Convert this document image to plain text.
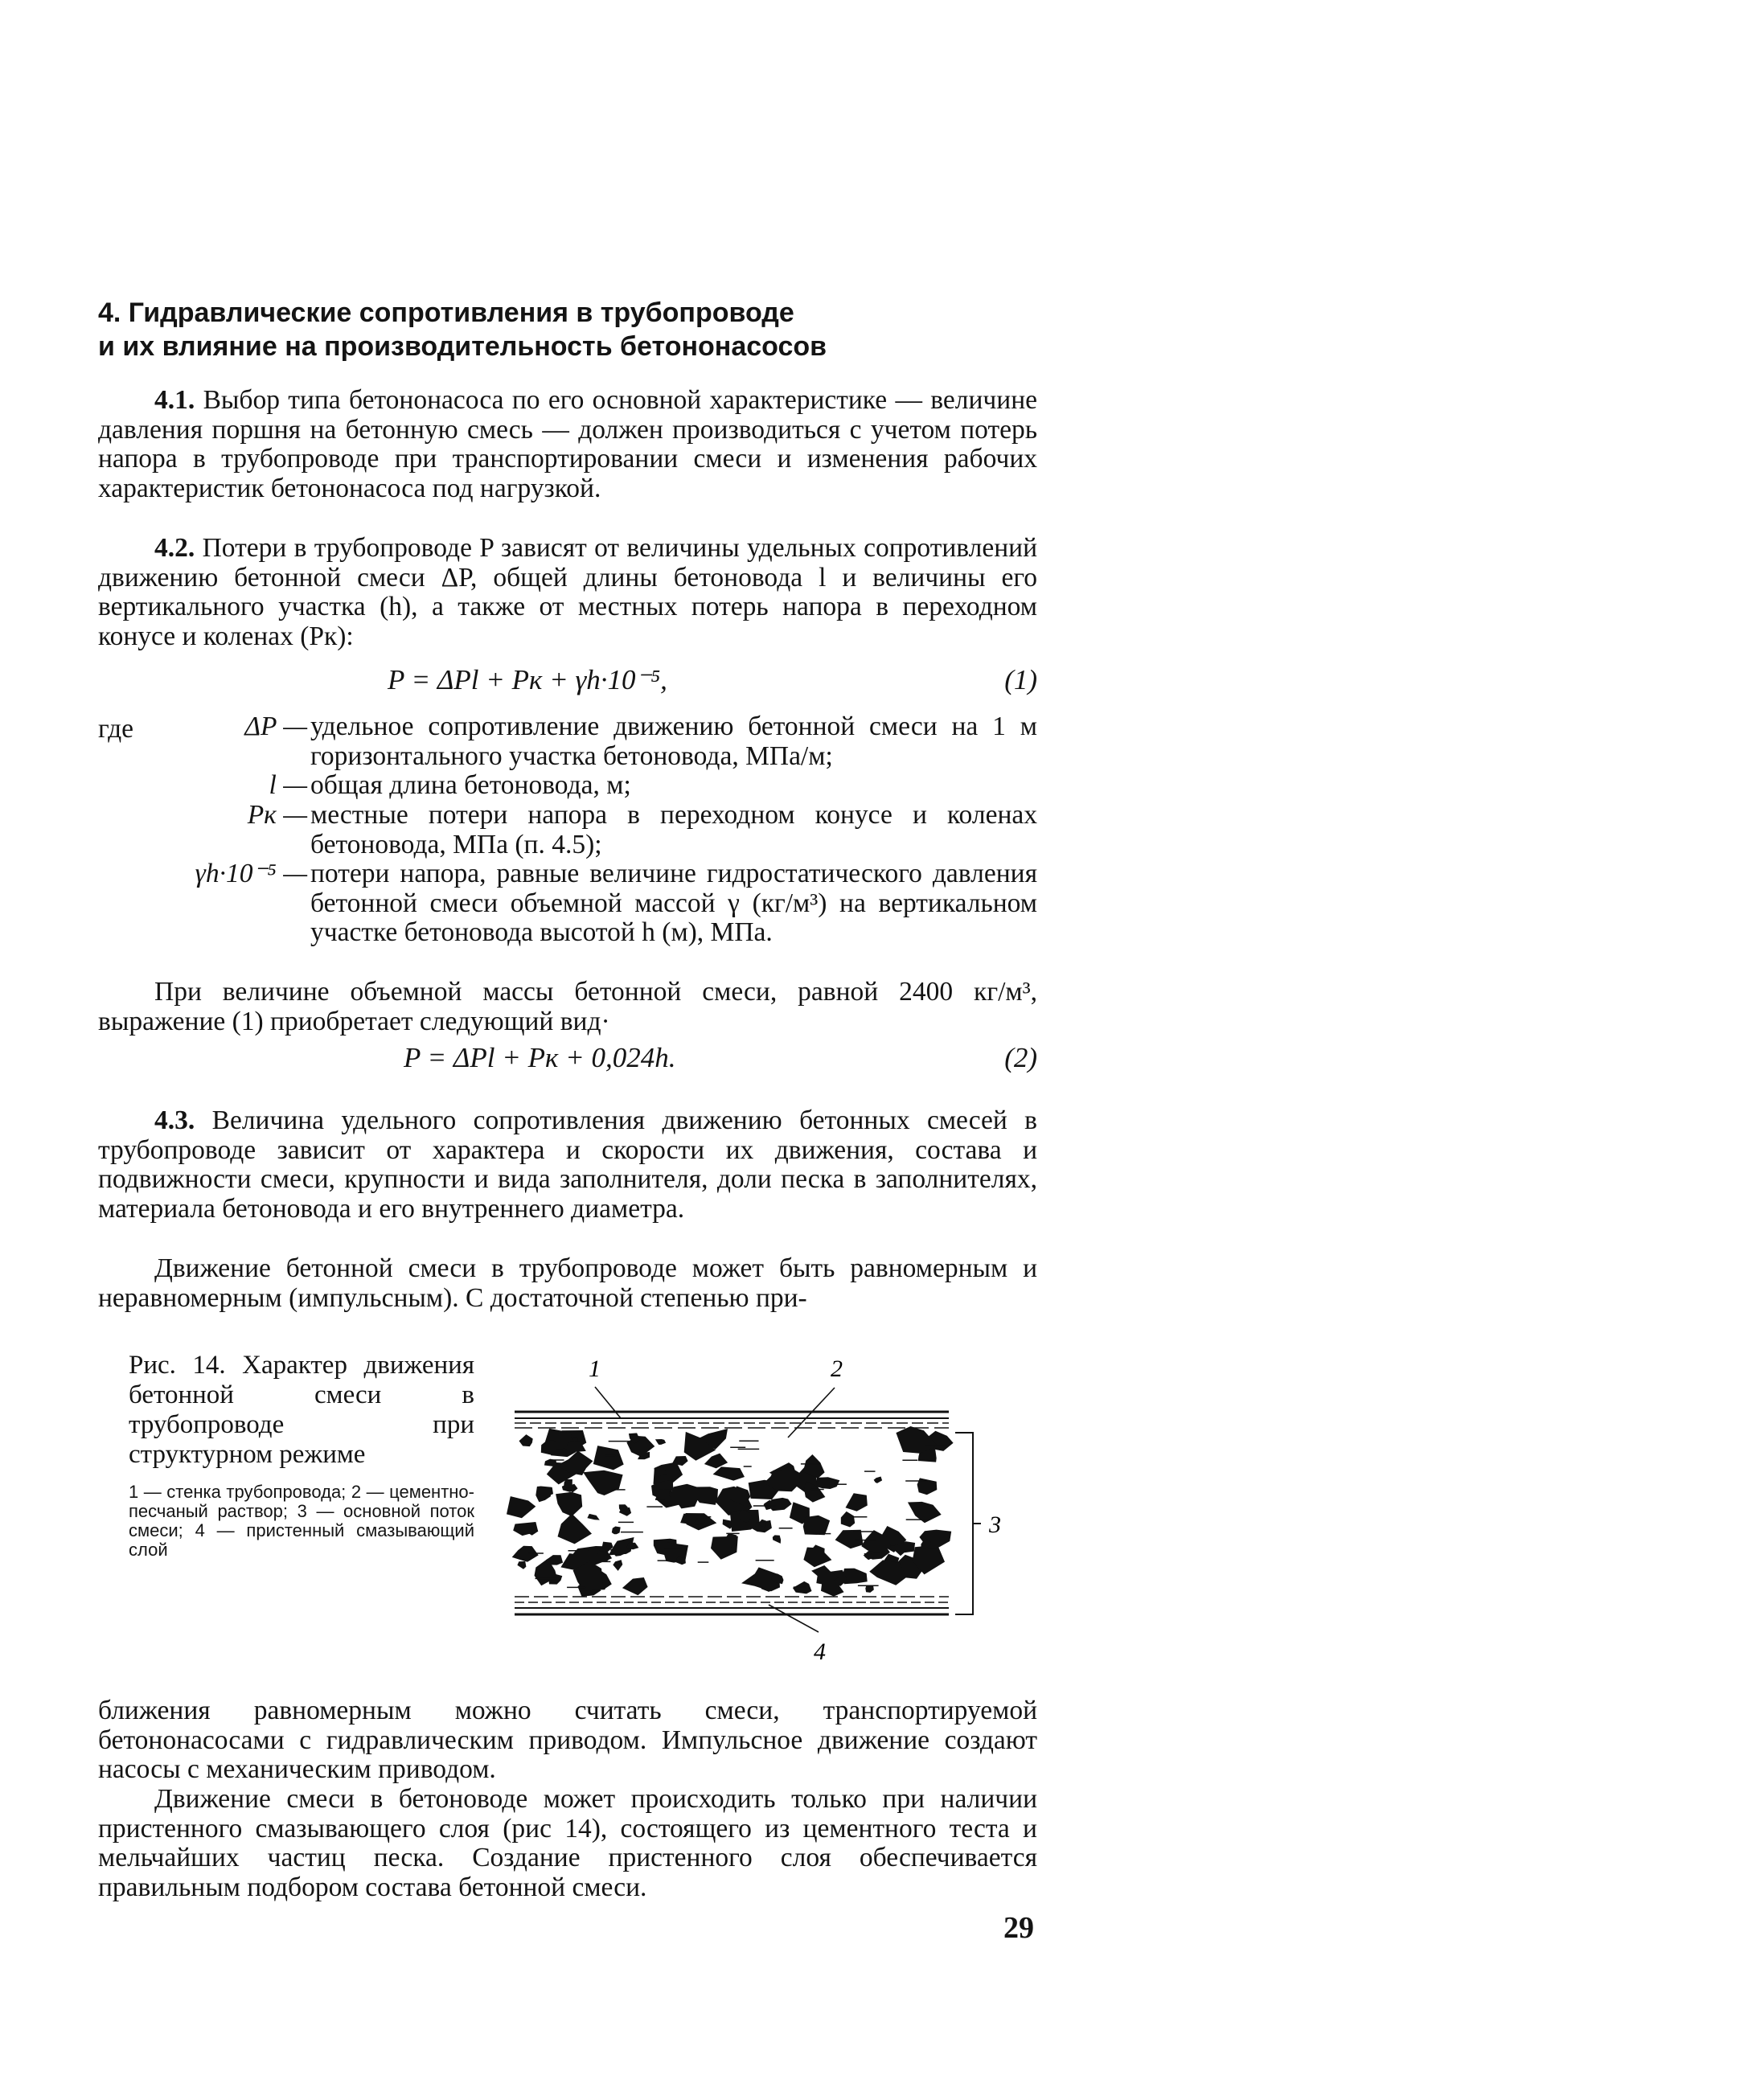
4. Гидравлические сопротивления в трубопроводе
и их влияние на производительность бетононасосов
4.1. Выбор типа бетононасоса по его основной характеристике — величине давления поршня на бетонную смесь — должен производиться с учетом потерь напора в трубопроводе при транспортировании смеси и изменения рабочих характеристик бетононасоса под нагрузкой.
4.2. Потери в трубопроводе P зависят от величины удельных сопротивлений движению бетонной смеси ΔP, общей длины бетоновода l и величины его вертикального участка (h), а также от местных потерь напора в переходном конусе и коленах (Pк):
P = ΔPl + Pк + γh·10⁻⁵,	(1)
где	ΔP — удельное сопротивление движению бетонной смеси на 1 м горизонтального участка бетоновода, МПа/м;
l — общая длина бетоновода, м;
Pк — местные потери напора в переходном конусе и коленах бетоновода, МПа (п. 4.5);
γh·10⁻⁵ — потери напора, равные величине гидростатического давления бетонной смеси объемной массой γ (кг/м³) на вертикальном участке бетоновода высотой h (м), МПа.
При величине объемной массы бетонной смеси, равной 2400 кг/м³, выражение (1) приобретает следующий вид·
P = ΔPl + Pк + 0,024h.	(2)
4.3. Величина удельного сопротивления движению бетонных смесей в трубопроводе зависит от характера и скорости их движения, состава и подвижности смеси, крупности и вида заполнителя, доли песка в заполнителях, материала бетоновода и его внутреннего диаметра.
Движение бетонной смеси в трубопроводе может быть равномерным и неравномерным (импульсным). С достаточной степенью при-
Рис. 14. Характер движения бетонной смеси в трубопроводе при структурном режиме
1 — стенка трубопровода; 2 — цементно-песчаный раствор; 3 — основной поток смеси; 4 — пристенный смазывающий слой
1	2
3
4
ближения равномерным можно считать смеси, транспортируемой бетононасосами с гидравлическим приводом. Импульсное движение создают насосы с механическим приводом.
Движение смеси в бетоноводе может происходить только при наличии пристенного смазывающего слоя (рис 14), состоящего из цементного теста и мельчайших частиц песка. Создание пристенного слоя обеспечивается правильным подбором состава бетонной смеси.
29
